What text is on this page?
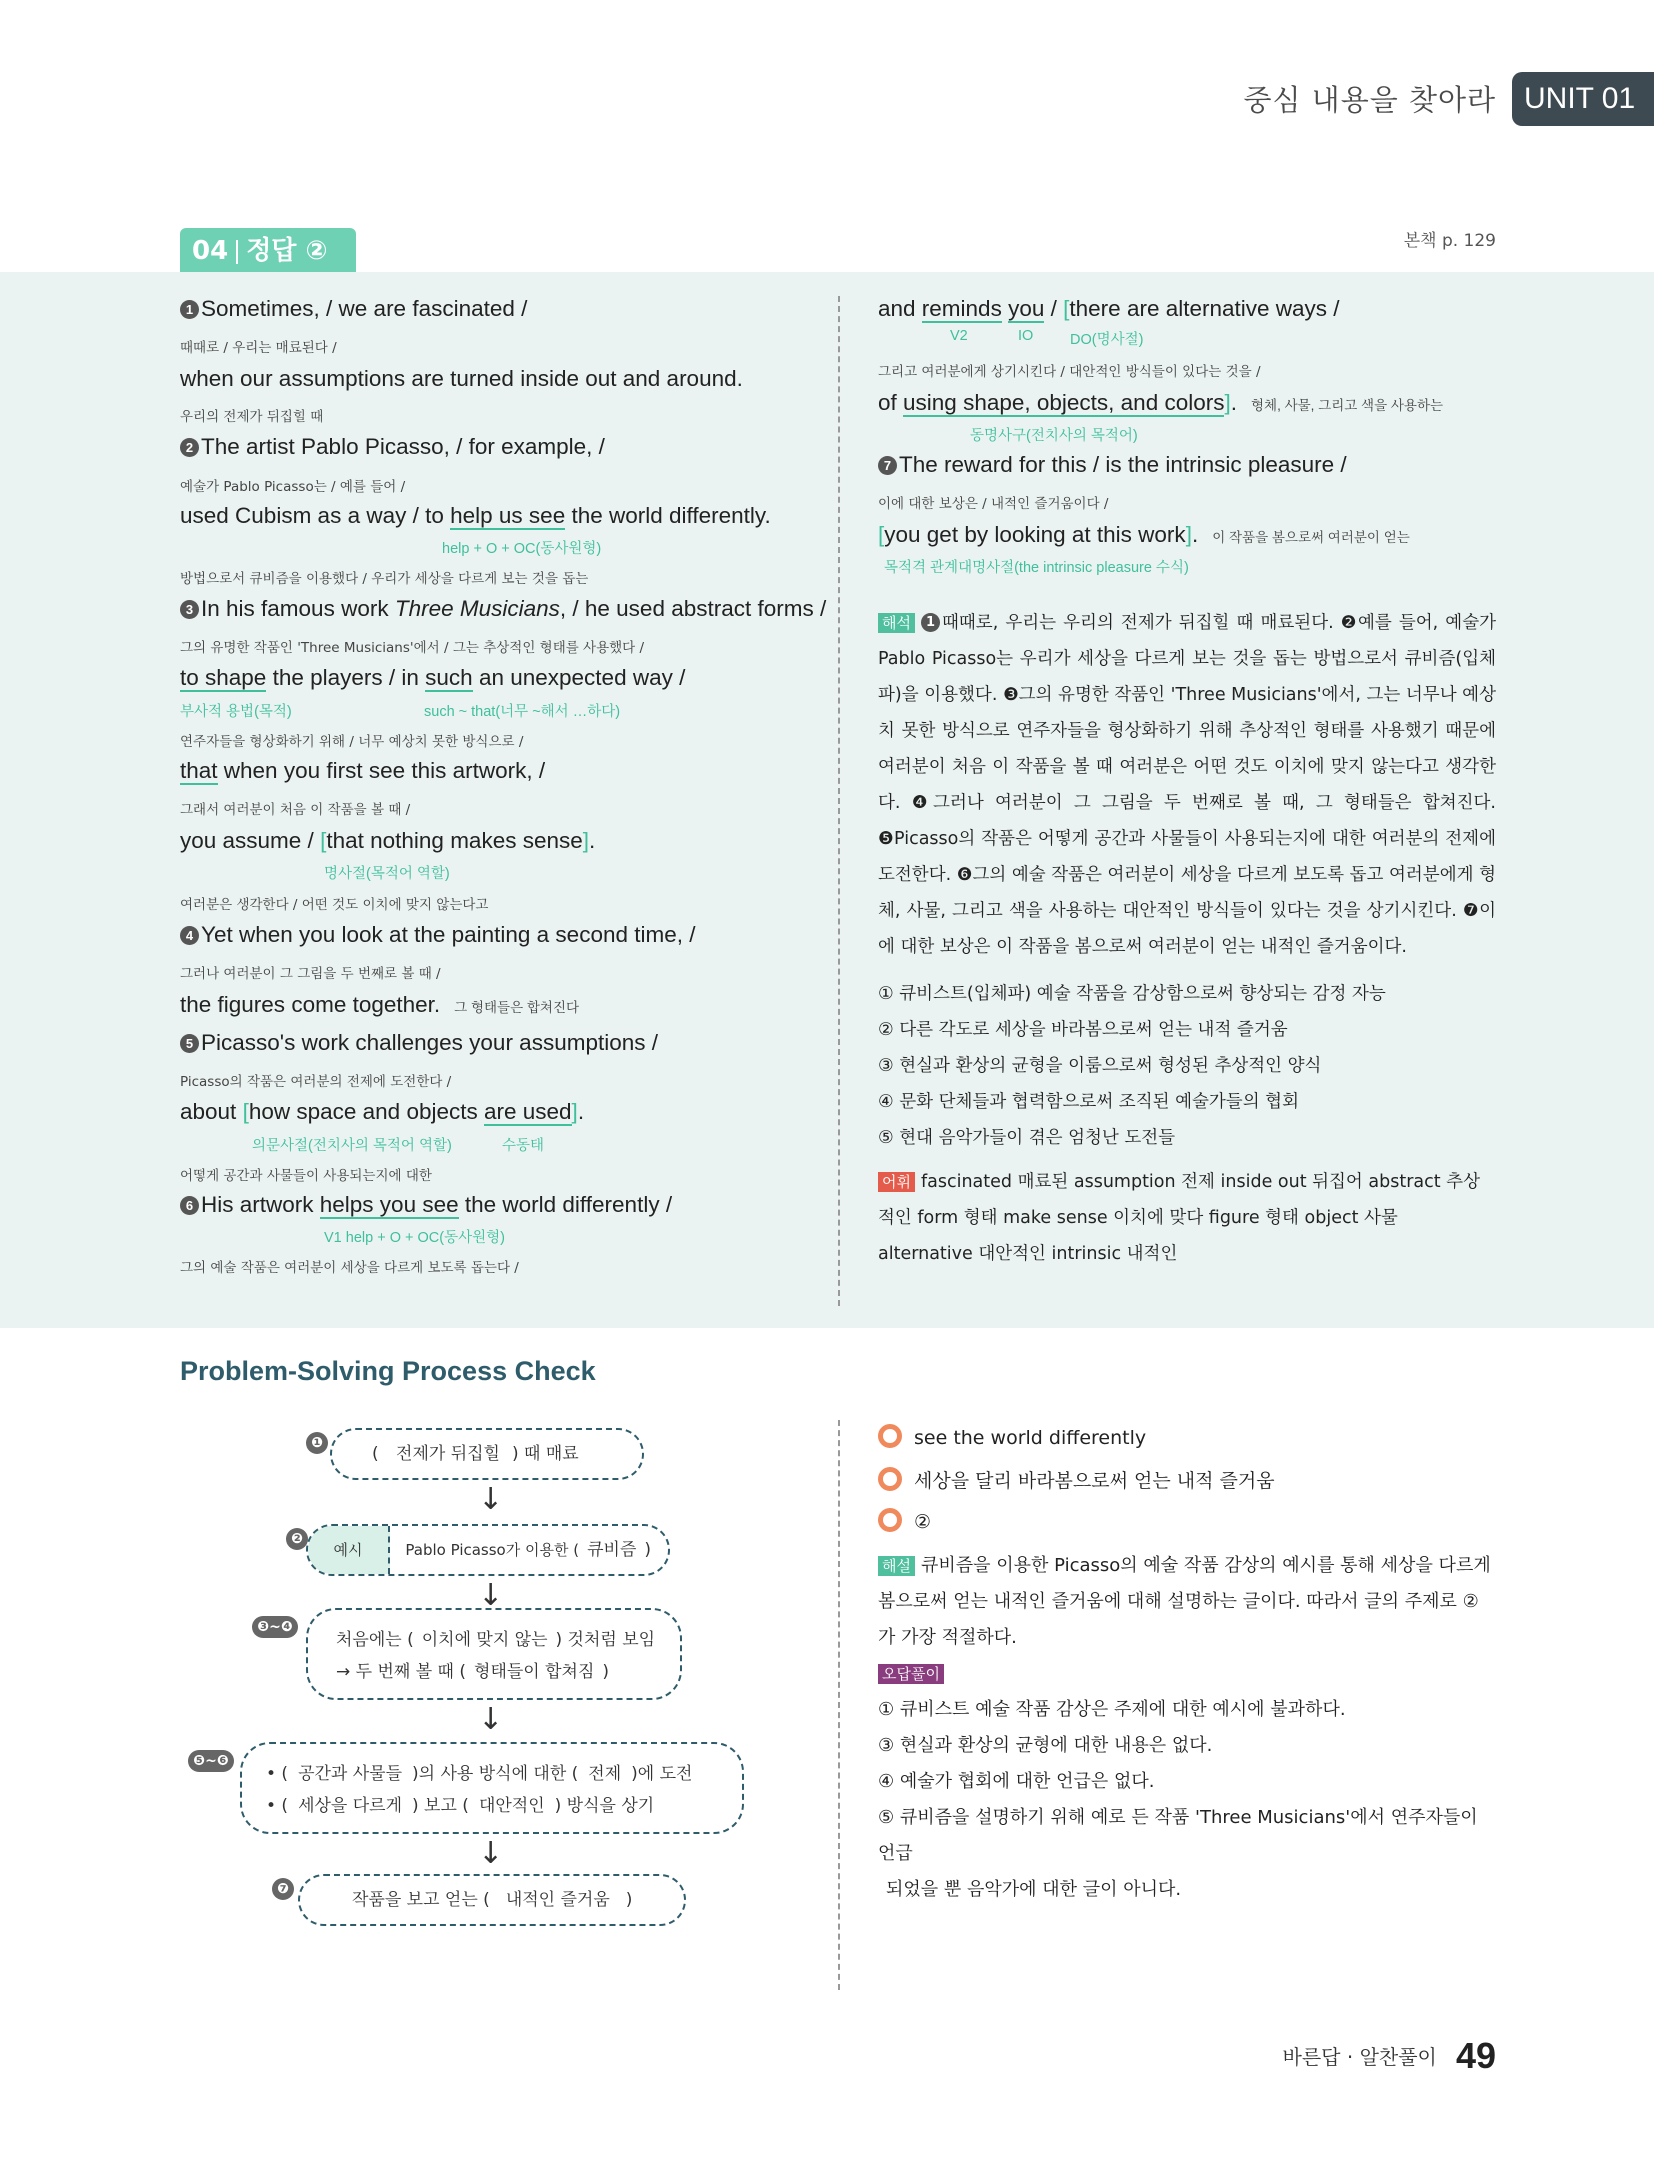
중심 내용을 찾아라 UNIT 01
04 정답 ②	본책 p. 129
1 Sometimes, / we are fascinated /
때때로 / 우리는 매료된다 /
when our assumptions are turned inside out and around.
우리의 전제가 뒤집힐 때
2 The artist Pablo Picasso, / for example, /
예술가 Pablo Picasso는 / 예를 들어 /
used Cubism as a way / to help us see the world differently.
help + O + OC(동사원형)
방법으로서 큐비즘을 이용했다 / 우리가 세상을 다르게 보는 것을 돕는
3 In his famous work Three Musicians, / he used abstract forms /
그의 유명한 작품인 'Three Musicians'에서 / 그는 추상적인 형태를 사용했다 /
to shape the players / in such an unexpected way /
부사적 용법(목적)	such ~ that(너무 ~해서 …하다)
연주자들을 형상화하기 위해 / 너무 예상치 못한 방식으로 /
that when you first see this artwork, /
그래서 여러분이 처음 이 작품을 볼 때 /
you assume / [that nothing makes sense].
명사절(목적어 역할)
여러분은 생각한다 / 어떤 것도 이치에 맞지 않는다고
4 Yet when you look at the painting a second time, /
그러나 여러분이 그 그림을 두 번째로 볼 때 /
the figures come together. 그 형태들은 합쳐진다
5 Picasso's work challenges your assumptions /
Picasso의 작품은 여러분의 전제에 도전한다 /
about [how space and objects are used].
의문사절(전치사의 목적어 역할)	수동태
어떻게 공간과 사물들이 사용되는지에 대한
6 His artwork helps you see the world differently /
V1 help + O + OC(동사원형)
그의 예술 작품은 여러분이 세상을 다르게 보도록 돕는다 /
and reminds you / [there are alternative ways /
V2	IO	DO(명사절)
그리고 여러분에게 상기시킨다 / 대안적인 방식들이 있다는 것을 /
of using shape, objects, and colors]. 형체, 사물, 그리고 색을 사용하는
동명사구(전치사의 목적어)
7 The reward for this / is the intrinsic pleasure /
이에 대한 보상은 / 내적인 즐거움이다 /
[you get by looking at this work]. 이 작품을 봄으로써 여러분이 얻는
목적격 관계대명사절(the intrinsic pleasure 수식)
해석 1 때때로, 우리는 우리의 전제가 뒤집힐 때 매료된다. ❷예를 들어, 예술가 Pablo Picasso는 우리가 세상을 다르게 보는 것을 돕는 방법으로서 큐비즘(입체파)을 이용했다. ❸그의 유명한 작품인 'Three Musicians'에서, 그는 너무나 예상치 못한 방식으로 연주자들을 형상화하기 위해 추상적인 형태를 사용했기 때문에 여러분이 처음 이 작품을 볼 때 여러분은 어떤 것도 이치에 맞지 않는다고 생각한다. ❹그러나 여러분이 그 그림을 두 번째로 볼 때, 그 형태들은 합쳐진다. ❺Picasso의 작품은 어떻게 공간과 사물들이 사용되는지에 대한 여러분의 전제에 도전한다. ❻그의 예술 작품은 여러분이 세상을 다르게 보도록 돕고 여러분에게 형체, 사물, 그리고 색을 사용하는 대안적인 방식들이 있다는 것을 상기시킨다. ❼이에 대한 보상은 이 작품을 봄으로써 여러분이 얻는 내적인 즐거움이다.
① 큐비스트(입체파) 예술 작품을 감상함으로써 향상되는 감정 자능
② 다른 각도로 세상을 바라봄으로써 얻는 내적 즐거움
③ 현실과 환상의 균형을 이룸으로써 형성된 추상적인 양식
④ 문화 단체들과 협력함으로써 조직된 예술가들의 협회
⑤ 현대 음악가들이 겪은 엄청난 도전들
어휘 fascinated 매료된 assumption 전제 inside out 뒤집어 abstract 추상적인 form 형태 make sense 이치에 맞다 figure 형태 object 사물 alternative 대안적인 intrinsic 내적인
Problem-Solving Process Check
❶
( 전제가 뒤집힐 ) 때 매료
↓
❷
예시	Pablo Picasso가 이용한 ( 큐비즘 )
↓
❸~❹
처음에는 ( 이치에 맞지 않는 ) 것처럼 보임
→ 두 번째 볼 때 ( 형태들이 합쳐짐 )
↓
❺~❻
• ( 공간과 사물들 )의 사용 방식에 대한 ( 전제 )에 도전
• ( 세상을 다르게 ) 보고 ( 대안적인 ) 방식을 상기
↓
❼
작품을 보고 얻는 ( 내적인 즐거움 )
see the world differently
세상을 달리 바라봄으로써 얻는 내적 즐거움
②
해설 큐비즘을 이용한 Picasso의 예술 작품 감상의 예시를 통해 세상을 다르게 봄으로써 얻는 내적인 즐거움에 대해 설명하는 글이다. 따라서 글의 주제로 ②가 가장 적절하다.
오답풀이
① 큐비스트 예술 작품 감상은 주제에 대한 예시에 불과하다.
③ 현실과 환상의 균형에 대한 내용은 없다.
④ 예술가 협회에 대한 언급은 없다.
⑤ 큐비즘을 설명하기 위해 예로 든 작품 'Three Musicians'에서 연주자들이 언급
되었을 뿐 음악가에 대한 글이 아니다.
바른답 · 알찬풀이 49
